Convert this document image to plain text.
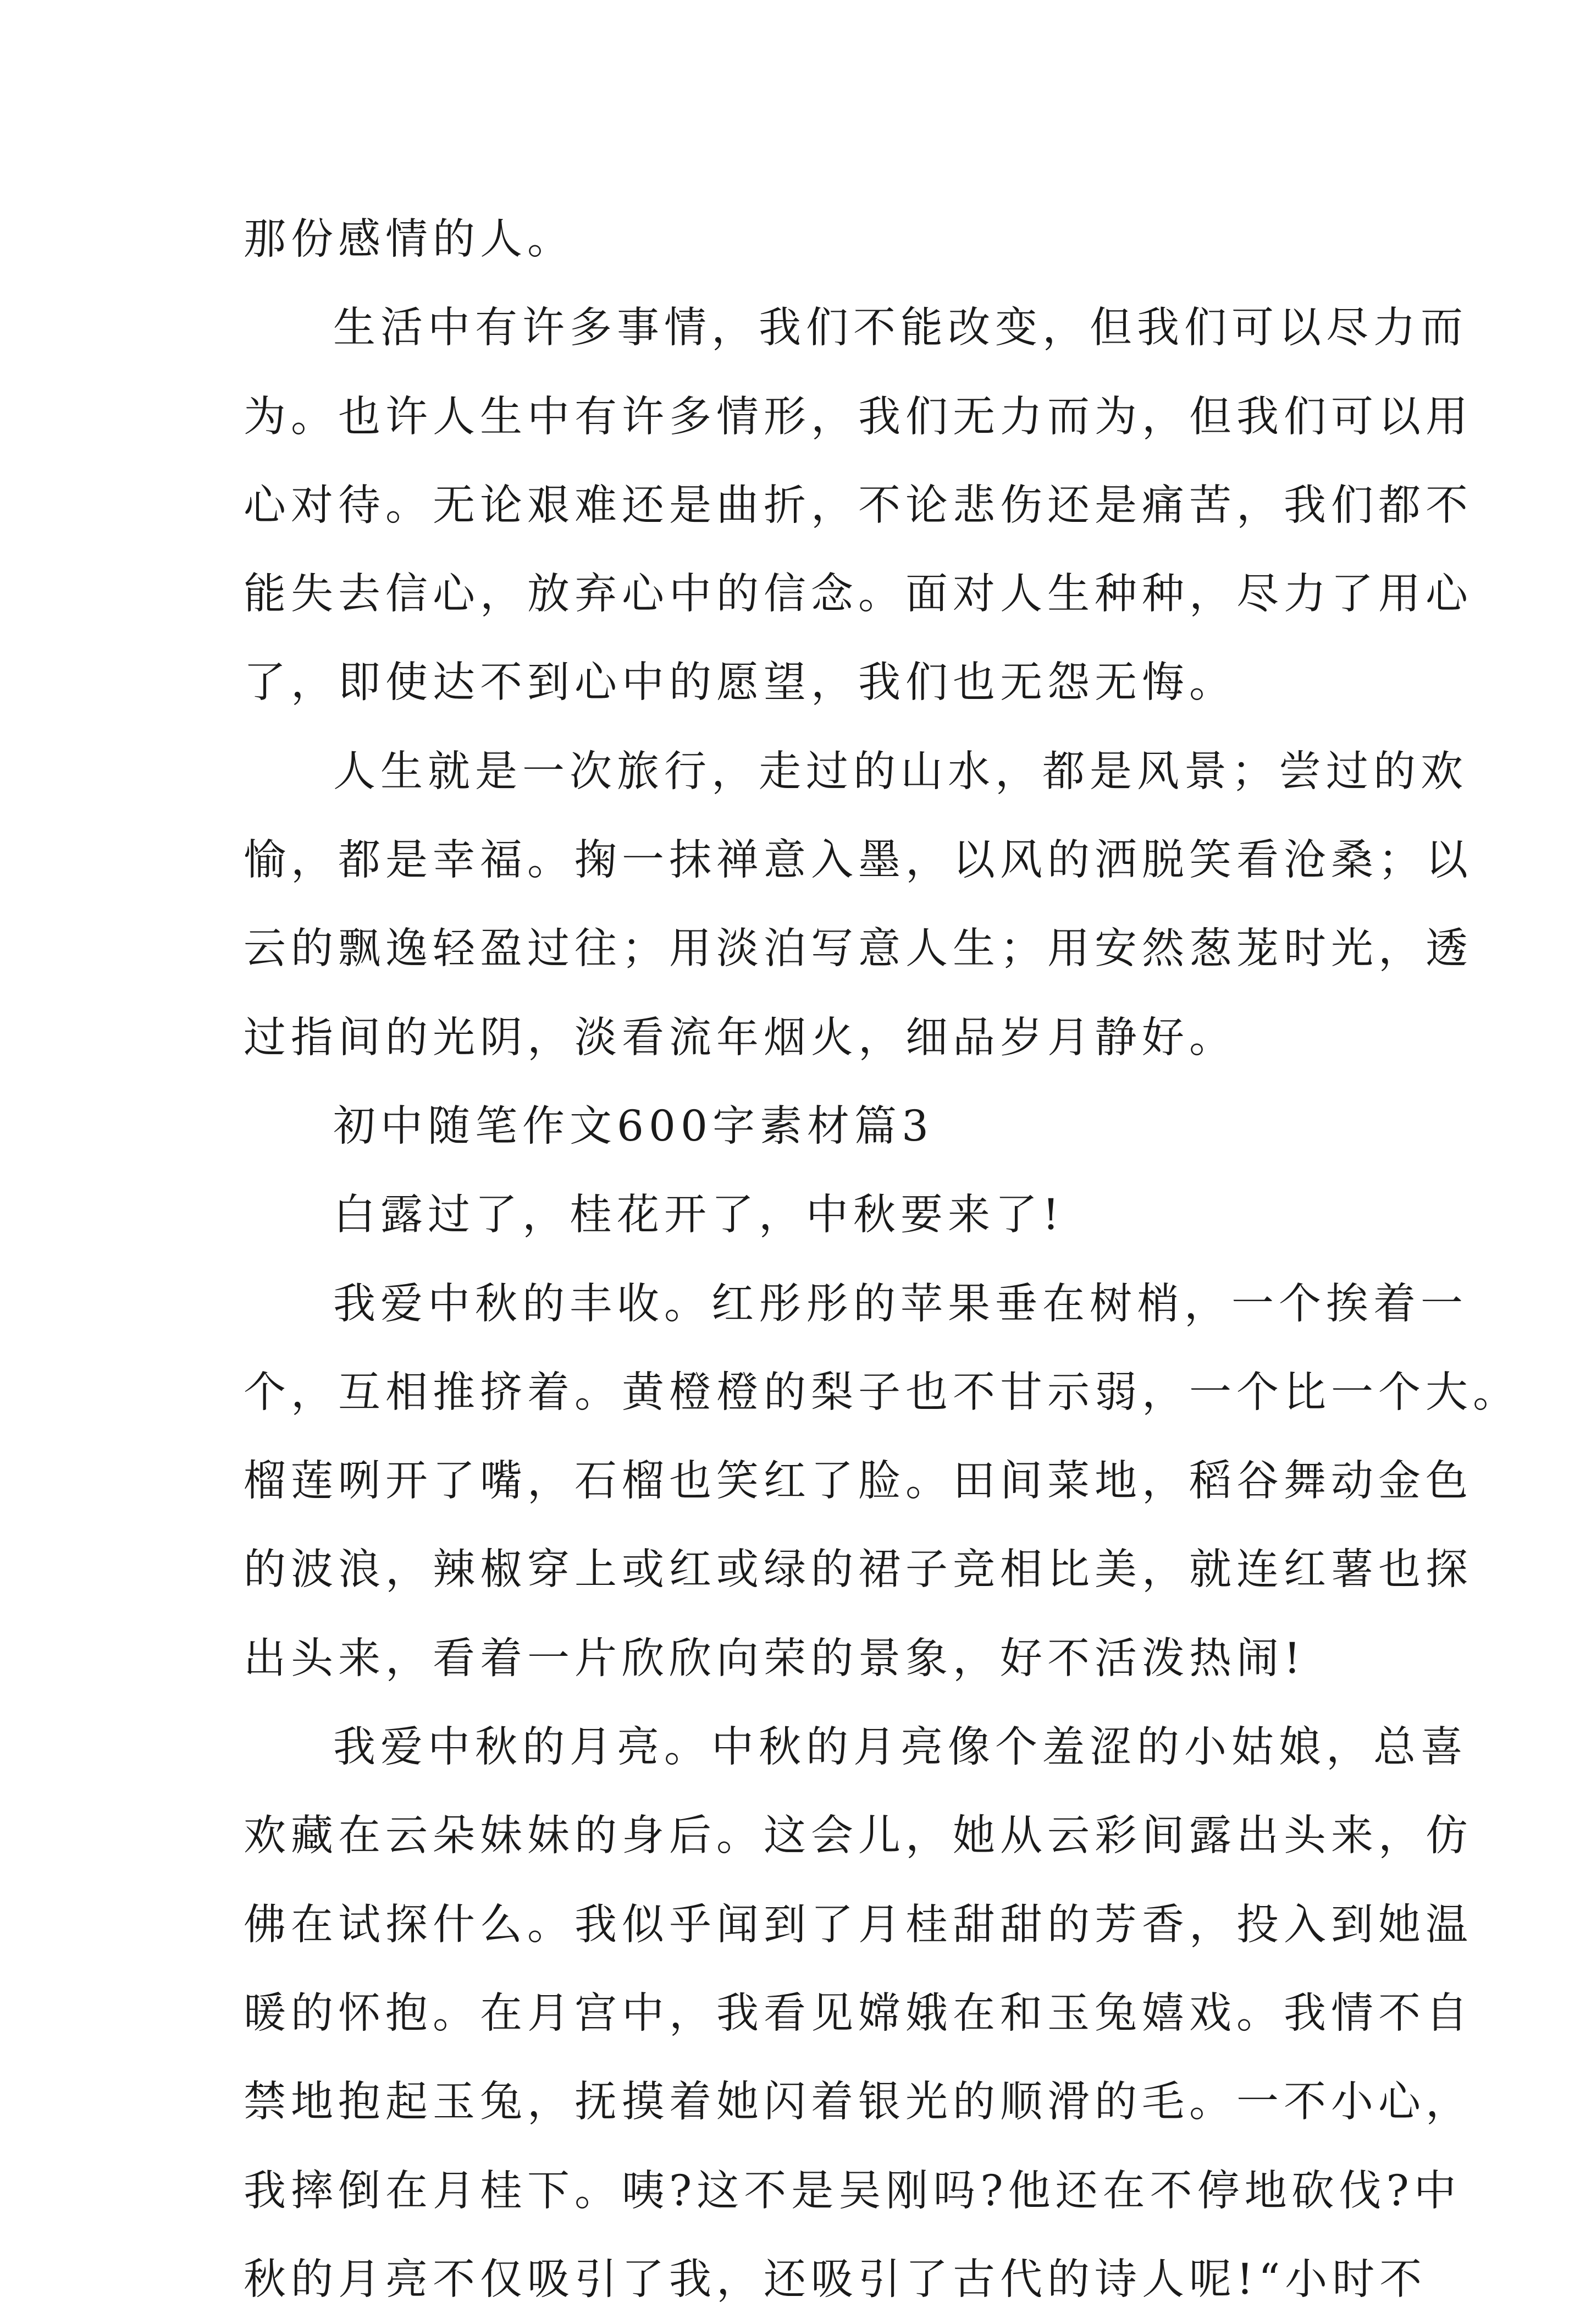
那份感情的人。
生活中有许多事情，我们不能改变，但我们可以尽力而
为。也许人生中有许多情形，我们无力而为，但我们可以用
心对待。无论艰难还是曲折，不论悲伤还是痛苦，我们都不
能失去信心，放弃心中的信念。面对人生种种，尽力了用心
了，即使达不到心中的愿望，我们也无怨无悔。
人生就是一次旅行，走过的山水，都是风景；尝过的欢
愉，都是幸福。掬一抹禅意入墨，以风的洒脱笑看沧桑；以
云的飘逸轻盈过往；用淡泊写意人生；用安然葱茏时光，透
过指间的光阴，淡看流年烟火，细品岁月静好。
初中随笔作文600字素材篇3
白露过了，桂花开了，中秋要来了!
我爱中秋的丰收。红彤彤的苹果垂在树梢，一个挨着一
个，互相推挤着。黄橙橙的梨子也不甘示弱，一个比一个大。
榴莲咧开了嘴，石榴也笑红了脸。田间菜地，稻谷舞动金色
的波浪，辣椒穿上或红或绿的裙子竞相比美，就连红薯也探
出头来，看着一片欣欣向荣的景象，好不活泼热闹!
我爱中秋的月亮。中秋的月亮像个羞涩的小姑娘，总喜
欢藏在云朵妹妹的身后。这会儿，她从云彩间露出头来，仿
佛在试探什么。我似乎闻到了月桂甜甜的芳香，投入到她温
暖的怀抱。在月宫中，我看见嫦娥在和玉兔嬉戏。我情不自
禁地抱起玉兔，抚摸着她闪着银光的顺滑的毛。一不小心，
我摔倒在月桂下。咦?这不是吴刚吗?他还在不停地砍伐?中
秋的月亮不仅吸引了我，还吸引了古代的诗人呢!“小时不
